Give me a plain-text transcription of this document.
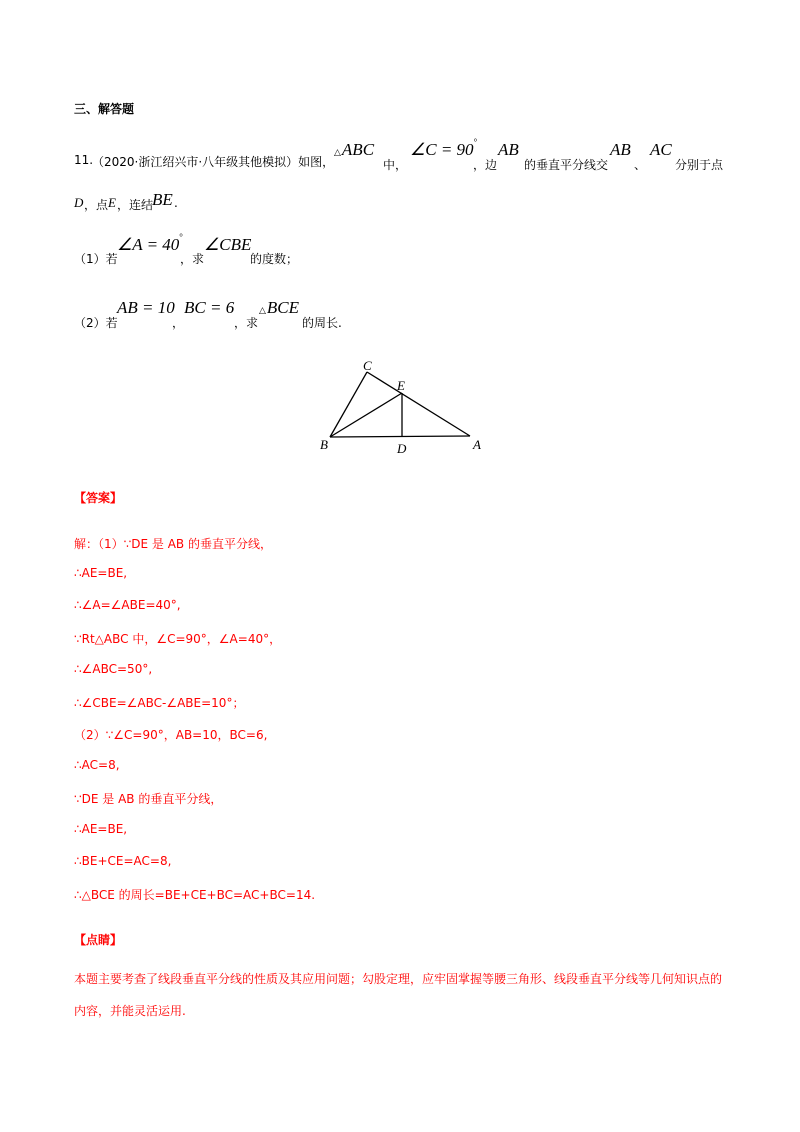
三、解答题
11.
（2020·浙江绍兴市·八年级其他模拟）如图，
△ABC
中，
∠C = 90°
，边
AB
的垂直平分线交
AB
、
AC
分别于点
D ，点 E ，连结
BE .
（1）若
∠A = 40°
，求
∠CBE
的度数；
（2）若
AB = 10
，
BC = 6
，求
△BCE
的周长.
C
E
B	D	A
【答案】
解：（1）∵DE 是 AB 的垂直平分线，
∴AE=BE,
∴∠A=∠ABE=40°,
∵Rt△ABC 中，∠C=90°，∠A=40°，
∴∠ABC=50°,
∴∠CBE=∠ABC-∠ABE=10°；
（2）∵∠C=90°，AB=10，BC=6,
∴AC=8,
∵DE 是 AB 的垂直平分线，
∴AE=BE,
∴BE+CE=AC=8,
∴△BCE 的周长=BE+CE+BC=AC+BC=14.
【点睛】
本题主要考查了线段垂直平分线的性质及其应用问题；勾股定理，应牢固掌握等腰三角形、线段垂直平分线等几何知识点的
内容，并能灵活运用.
